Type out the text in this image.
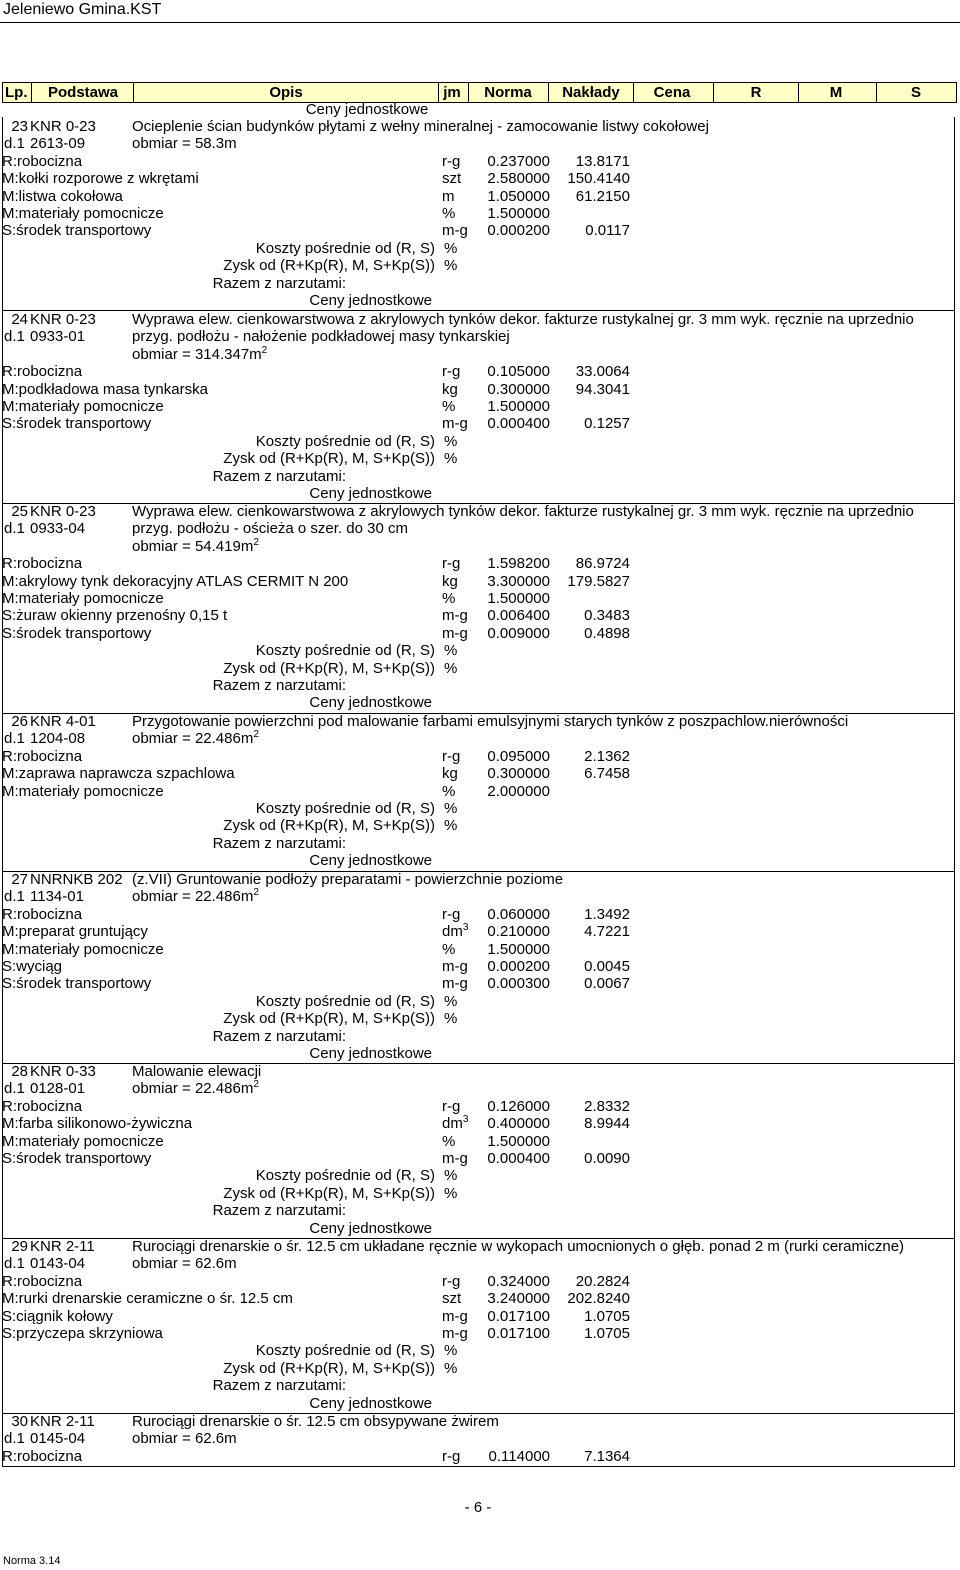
Jeleniewo Gmina.KST
Lp. Podstawa	Opis	jm Norma Nakłady Cena	R	M	S
Ceny jednostkowe
23 KNR 0-23
d.1 2613-09
Ocieplenie ścian budynków płytami z wełny mineralnej - zamocowanie listwy cokołowej
obmiar = 58.3m
R:robocizna	r-g 0.237000 13.8171
M:kołki rozporowe z wkrętami	szt 2.580000 150.4140
M:listwa cokołowa	m 1.050000 61.2150
M:materiały pomocnicze	% 1.500000
S:środek transportowy	m-g 0.000200 0.0117
Koszty pośrednie od (R, S) %
Zysk od (R+Kp(R), M, S+Kp(S)) %
Razem z narzutami:
Ceny jednostkowe
24 KNR 0-23
d.1 0933-01
Wyprawa elew. cienkowarstwowa z akrylowych tynków dekor. fakturze rustykalnej gr. 3 mm wyk. ręcznie na uprzednio
przyg. podłożu - nałożenie podkładowej masy tynkarskiej
obmiar = $314.347m^2$
R:robocizna	r-g 0.105000 33.0064
M:podkładowa masa tynkarska	kg 0.300000 94.3041
M:materiały pomocnicze	% 1.500000
S:środek transportowy	m-g 0.000400 0.1257
Koszty pośrednie od (R, S) %
Zysk od (R+Kp(R), M, S+Kp(S)) %
Razem z narzutami:
Ceny jednostkowe
25 KNR 0-23
d.1 0933-04
Wyprawa elew. cienkowarstwowa z akrylowych tynków dekor. fakturze rustykalnej gr. 3 mm wyk. ręcznie na uprzednio
przyg. podłożu - ościeża o szer. do 30 cm
obmiar = $54.419m^2$
R:robocizna	r-g 1.598200 86.9724
M:akrylowy tynk dekoracyjny ATLAS CERMIT N 200	kg 3.300000 179.5827
M:materiały pomocnicze	% 1.500000
S:żuraw okienny przenośny 0,15 t	m-g 0.006400 0.3483
S:środek transportowy	m-g 0.009000 0.4898
Koszty pośrednie od (R, S) %
Zysk od (R+Kp(R), M, S+Kp(S)) %
Razem z narzutami:
Ceny jednostkowe
26 KNR 4-01
d.1 1204-08
Przygotowanie powierzchni pod malowanie farbami emulsyjnymi starych tynków z poszpachlow.nierówności
obmiar = $22.486m^2$
R:robocizna	r-g 0.095000 2.1362
M:zaprawa naprawcza szpachlowa	kg 0.300000 6.7458
M:materiały pomocnicze	% 2.000000
Koszty pośrednie od (R, S) %
Zysk od (R+Kp(R), M, S+Kp(S)) %
Razem z narzutami:
Ceny jednostkowe
27 NNRNKB 202
d.1 1134-01
(z.VII) Gruntowanie podłoży preparatami - powierzchnie poziome
obmiar = $22.486m^2$
R:robocizna	r-g 0.060000 1.3492
M:preparat gruntujący	$dm^3$ 0.210000 4.7221
M:materiały pomocnicze	% 1.500000
S:wyciąg	m-g 0.000200 0.0045
S:środek transportowy	m-g 0.000300 0.0067
Koszty pośrednie od (R, S) %
Zysk od (R+Kp(R), M, S+Kp(S)) %
Razem z narzutami:
Ceny jednostkowe
28 KNR 0-33
d.1 0128-01
Malowanie elewacji
obmiar = $22.486m^2$
R:robocizna	r-g 0.126000 2.8332
M:farba silikonowo-żywiczna	$dm^3$ 0.400000 8.9944
M:materiały pomocnicze	% 1.500000
S:środek transportowy	m-g 0.000400 0.0090
Koszty pośrednie od (R, S) %
Zysk od (R+Kp(R), M, S+Kp(S)) %
Razem z narzutami:
Ceny jednostkowe
29 KNR 2-11
d.1 0143-04
Rurociągi drenarskie o śr. 12.5 cm układane ręcznie w wykopach umocnionych o głęb. ponad 2 m (rurki ceramiczne)
obmiar = 62.6m
R:robocizna	r-g 0.324000 20.2824
M:rurki drenarskie ceramiczne o śr. 12.5 cm	szt 3.240000 202.8240
S:ciągnik kołowy	m-g 0.017100 1.0705
S:przyczepa skrzyniowa	m-g 0.017100 1.0705
Koszty pośrednie od (R, S) %
Zysk od (R+Kp(R), M, S+Kp(S)) %
Razem z narzutami:
Ceny jednostkowe
30 KNR 2-11
d.1 0145-04
Rurociągi drenarskie o śr. 12.5 cm obsypywane żwirem
obmiar = 62.6m
R:robocizna	r-g 0.114000 7.1364
- 6 -
Norma 3.14
